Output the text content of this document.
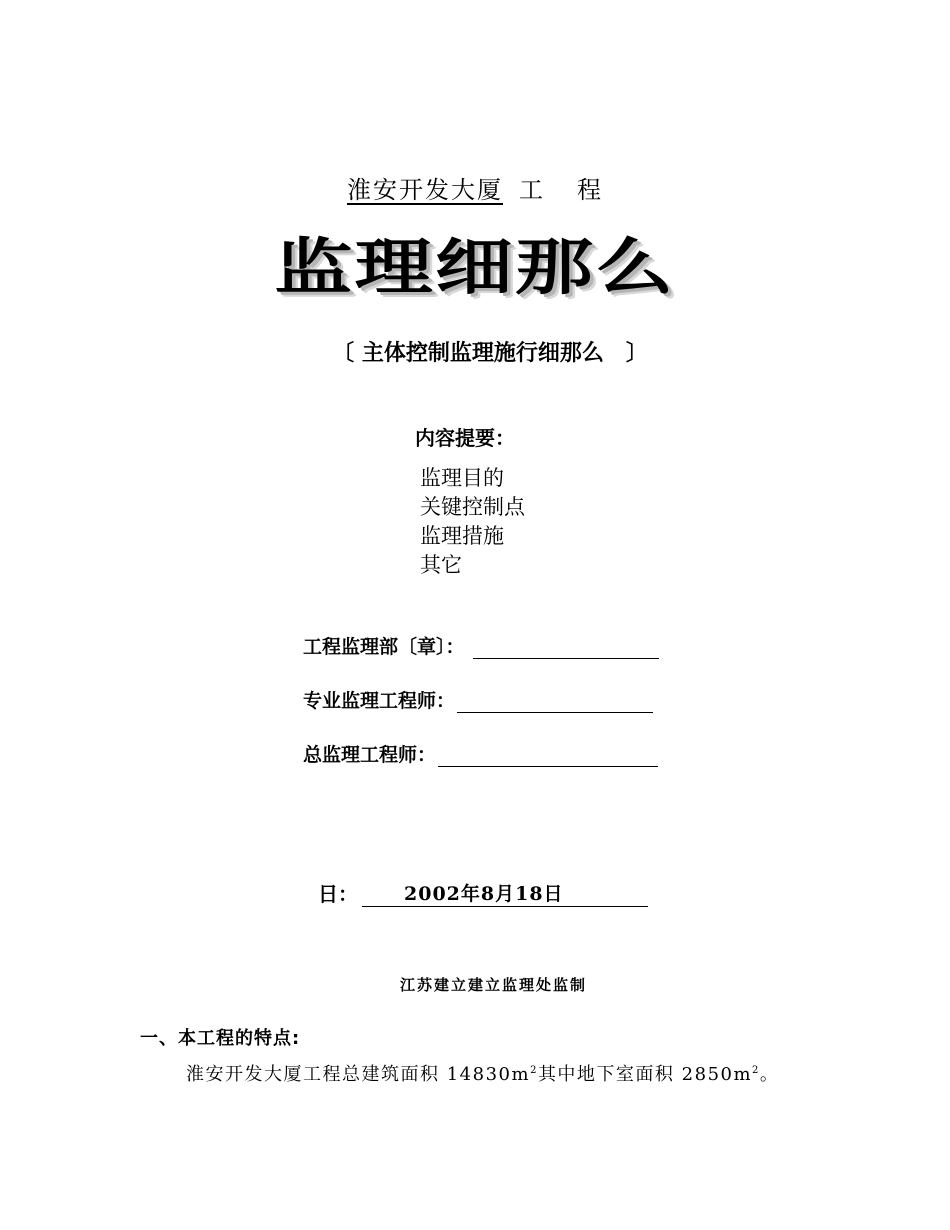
淮安开发大厦 工 程
监理细那么
〔 主体控制监理施行细那么　〕
内容提要：
监理目的
关键控制点
监理措施
其它
工程监理部〔章〕：
专业监理工程师：
总监理工程师：
日：	2002年8月18日
江苏建立建立监理处监制
一、本工程的特点:
淮安开发大厦工程总建筑面积 $14830m^2$其中地下室面积 $2850m^2$。
